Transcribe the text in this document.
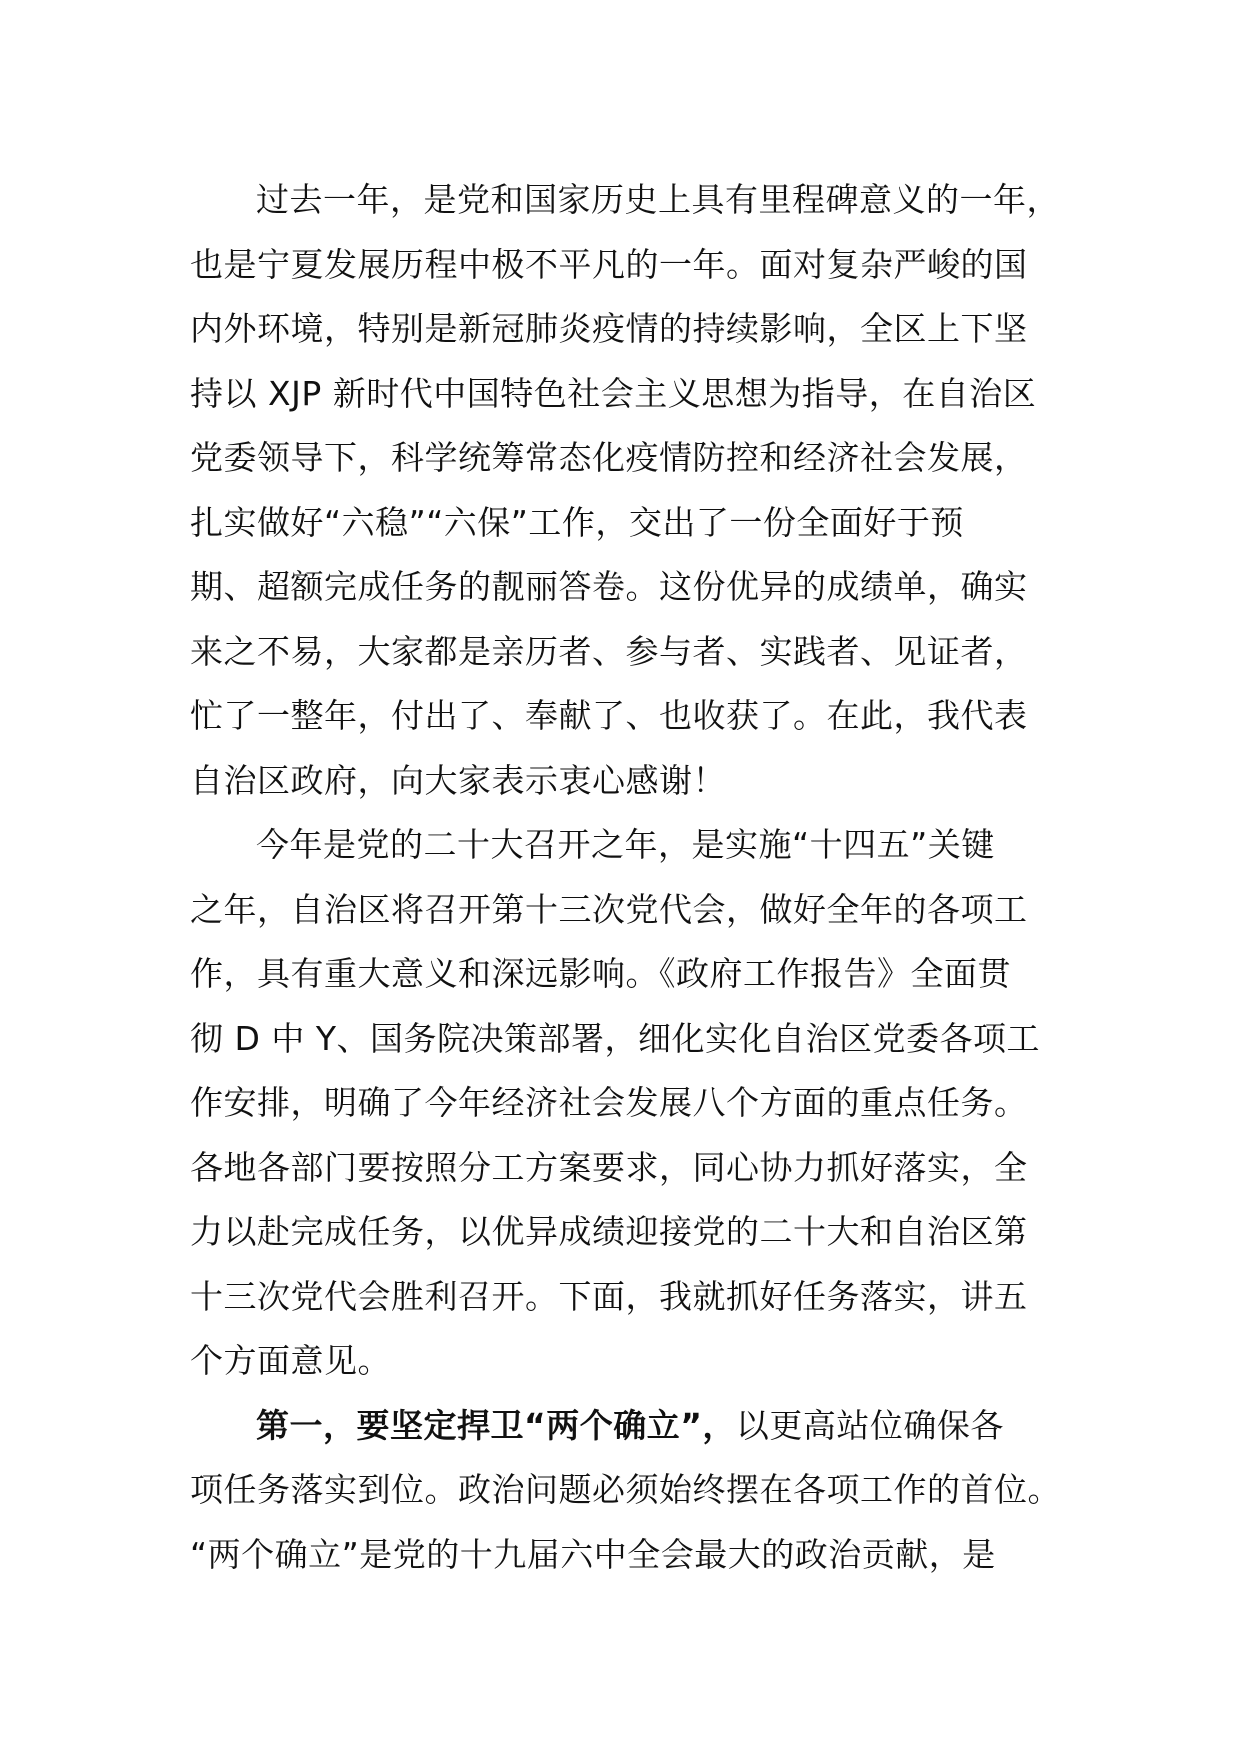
过去一年，是党和国家历史上具有里程碑意义的一年，
也是宁夏发展历程中极不平凡的一年。面对复杂严峻的国
内外环境，特别是新冠肺炎疫情的持续影响，全区上下坚
持以 XJP 新时代中国特色社会主义思想为指导，在自治区
党委领导下，科学统筹常态化疫情防控和经济社会发展，
扎实做好“六稳”“六保”工作，交出了一份全面好于预
期、超额完成任务的靓丽答卷。这份优异的成绩单，确实
来之不易，大家都是亲历者、参与者、实践者、见证者，
忙了一整年，付出了、奉献了、也收获了。在此，我代表
自治区政府，向大家表示衷心感谢！
今年是党的二十大召开之年，是实施“十四五”关键
之年，自治区将召开第十三次党代会，做好全年的各项工
作，具有重大意义和深远影响。《政府工作报告》全面贯
彻 D 中 Y、国务院决策部署，细化实化自治区党委各项工
作安排，明确了今年经济社会发展八个方面的重点任务。
各地各部门要按照分工方案要求，同心协力抓好落实，全
力以赴完成任务，以优异成绩迎接党的二十大和自治区第
十三次党代会胜利召开。下面，我就抓好任务落实，讲五
个方面意见。
第一，要坚定捍卫“两个确立”，以更高站位确保各
项任务落实到位。政治问题必须始终摆在各项工作的首位。
“两个确立”是党的十九届六中全会最大的政治贡献，是
